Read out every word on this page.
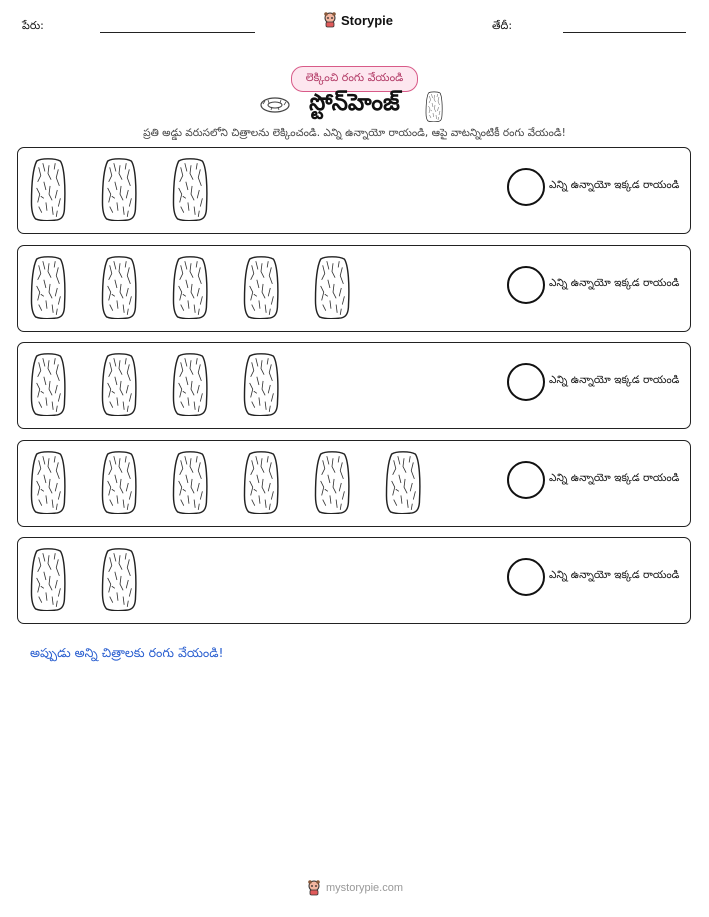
పేరు:	Storypie	తేదీ:
లెక్కించి రంగు వేయండి
స్టోన్‌హెంజ్
ప్రతి అడ్డు వరుసలోని చిత్రాలను లెక్కించండి. ఎన్ని ఉన్నాయో రాయండి, ఆపై వాటన్నింటికీ రంగు వేయండి!
ఎన్ని ఉన్నాయో ఇక్కడ రాయండి
ఎన్ని ఉన్నాయో ఇక్కడ రాయండి
ఎన్ని ఉన్నాయో ఇక్కడ రాయండి
ఎన్ని ఉన్నాయో ఇక్కడ రాయండి
ఎన్ని ఉన్నాయో ఇక్కడ రాయండి
అప్పుడు అన్ని చిత్రాలకు రంగు వేయండి!
mystorypie.com
